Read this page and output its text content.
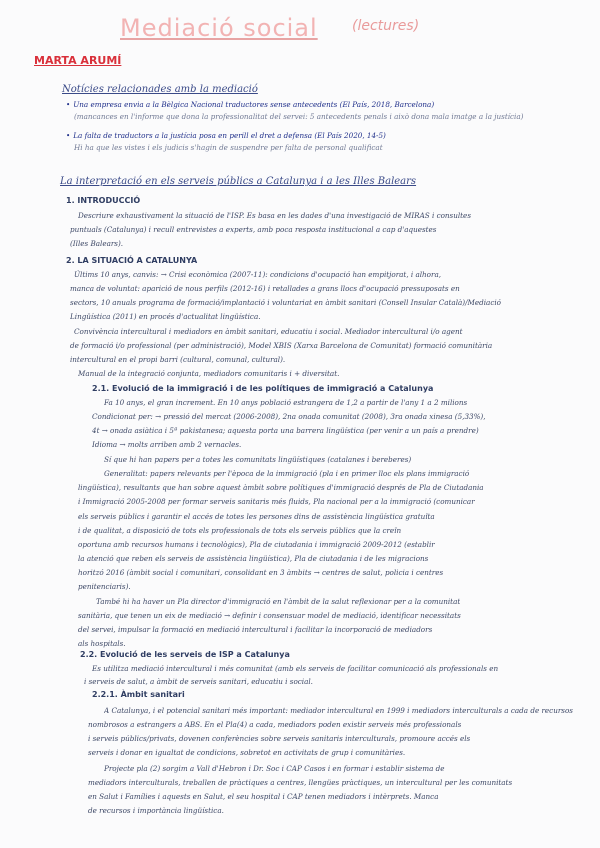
Mediació social (lectures)
MARTA ARUMÍ
Notícies relacionades amb la mediació
• Una empresa envia a la Bèlgica Nacional traductores sense antecedents (El País, 2018, Barcelona)
(mancances en l'informe que dona la professionalitat del servei: 5 antecedents penals i això dona mala imatge a la justícia)
• La falta de traductors a la justícia posa en perill el dret a defensa (El País 2020, 14-5)
Hi ha que les vistes i els judicis s'hagin de suspendre per falta de personal qualificat
La interpretació en els serveis públics a Catalunya i a les Illes Balears
1. INTRODUCCIÓ
Descriure exhaustivament la situació de l'ISP. Es basa en les dades d'una investigació de MIRAS i consultes
puntuals (Catalunya) i recull entrevistes a experts, amb poca resposta institucional a cap d'aquestes
(Illes Balears).
2. LA SITUACIÓ A CATALUNYA
Últims 10 anys, canvis: → Crisi econòmica (2007-11): condicions d'ocupació han empitjorat, i alhora,
manca de voluntat: aparició de nous perfils (2012-16) i retallades a grans llocs d'ocupació pressuposats en
sectors, 10 anuals programa de formació/implantació i voluntariat en àmbit sanitari (Consell Insular Català)/Mediació
Lingüística (2011) en procés d'actualitat lingüística.
Convivència intercultural i mediadors en àmbit sanitari, educatiu i social. Mediador intercultural i/o agent
de formació i/o professional (per administració), Model XBIS (Xarxa Barcelona de Comunitat) formació comunitària
intercultural en el propi barri (cultural, comunal, cultural).
Manual de la integració conjunta, mediadors comunitaris i + diversitat.
2.1. Evolució de la immigració i de les polítiques de immigració a Catalunya
Fa 10 anys, el gran increment. En 10 anys població estrangera de 1,2 a partir de l'any 1 a 2 milions
Condicionat per: → pressió del mercat (2006-2008), 2na onada comunitat (2008), 3ra onada xinesa (5,33%),
4t → onada asiàtica i 5ª pakistanesa; aquesta porta una barrera lingüística (per venir a un país a prendre)
Idioma → molts arriben amb 2 vernacles.
Sí que hi han papers per a totes les comunitats lingüístiques (catalanes i bereberes)
Generalitat: papers relevants per l'època de la immigració (pla i en primer lloc els plans immigració
lingüística), resultants que han sobre aquest àmbit sobre polítiques d'immigració després de Pla de Ciutadania
i Immigració 2005-2008 per formar serveis sanitaris més fluids, Pla nacional per a la immigració (comunicar
els serveis públics i garantir el accés de totes les persones dins de assistència lingüística gratuïta
i de qualitat, a disposició de tots els professionals de tots els serveis públics que la creïn
oportuna amb recursos humans i tecnològics), Pla de ciutadania i immigració 2009-2012 (establir
la atenció que reben els serveis de assistència lingüística), Pla de ciutadania i de les migracions
horitzó 2016 (àmbit social i comunitari, consolidant en 3 àmbits → centres de salut, policia i centres
penitenciaris).
També hi ha haver un Pla director d'immigració en l'àmbit de la salut reflexionar per a la comunitat
sanitària, que tenen un eix de mediació → definir i consensuar model de mediació, identificar necessitats
del servei, impulsar la formació en mediació intercultural i facilitar la incorporació de mediadors
als hospitals.
2.2. Evolució de les serveis de ISP a Catalunya
Es utilitza mediació intercultural i més comunitat (amb els serveis de facilitar comunicació als professionals en
i serveis de salut, a àmbit de serveis sanitari, educatiu i social.
2.2.1. Àmbit sanitari
A Catalunya, i el potencial sanitari més important: mediador intercultural en 1999 i mediadors interculturals a cada de recursos
nombrosos a estrangers a ABS. En el Pla(4) a cada, mediadors poden existir serveis més professionals
i serveis públics/privats, dovenen conferències sobre serveis sanitaris interculturals, promoure accés els
serveis i donar en igualtat de condicions, sobretot en activitats de grup i comunitàries.
Projecte pla (2) sorgim a Vall d'Hebron i Dr. Soc i CAP Casos i en formar i establir sistema de
mediadors interculturals, treballen de pràctiques a centres, llengües pràctiques, un intercultural per les comunitats
en Salut i Famílies i aquests en Salut, el seu hospital i CAP tenen mediadors i intèrprets. Manca
de recursos i importància lingüística.
